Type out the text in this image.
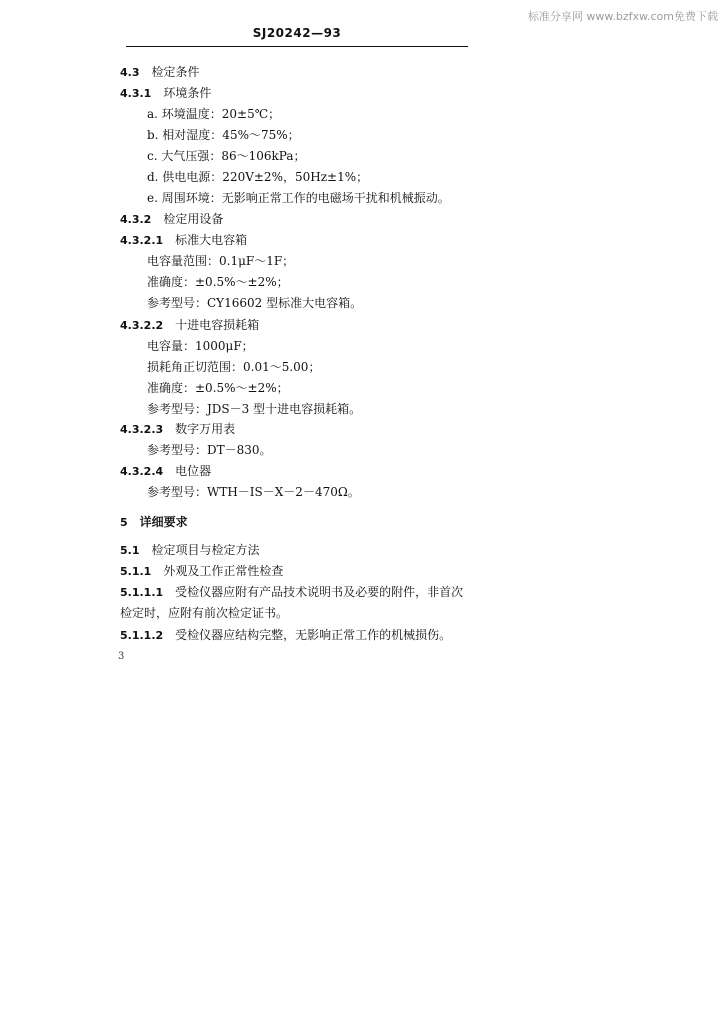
标准分享网 www.bzfxw.com免费下载
SJ20242—93
4.3 检定条件
4.3.1 环境条件
a. 环境温度：20±5℃；
b. 相对湿度：45%～75%；
c. 大气压强：86～106kPa；
d. 供电电源：220V±2%，50Hz±1%；
e. 周围环境：无影响正常工作的电磁场干扰和机械振动。
4.3.2 检定用设备
4.3.2.1 标准大电容箱
电容量范围：0.1μF～1F；
准确度：±0.5%～±2%；
参考型号：CY16602 型标准大电容箱。
4.3.2.2 十进电容损耗箱
电容量：1000μF；
损耗角正切范围：0.01～5.00；
准确度：±0.5%～±2%；
参考型号：JDS－3 型十进电容损耗箱。
4.3.2.3 数字万用表
参考型号：DT－830。
4.3.2.4 电位器
参考型号：WTH－IS－X－2－470Ω。
5 详细要求
5.1 检定项目与检定方法
5.1.1 外观及工作正常性检查
5.1.1.1 受检仪器应附有产品技术说明书及必要的附件，非首次
检定时，应附有前次检定证书。
5.1.1.2 受检仪器应结构完整，无影响正常工作的机械损伤。
3
